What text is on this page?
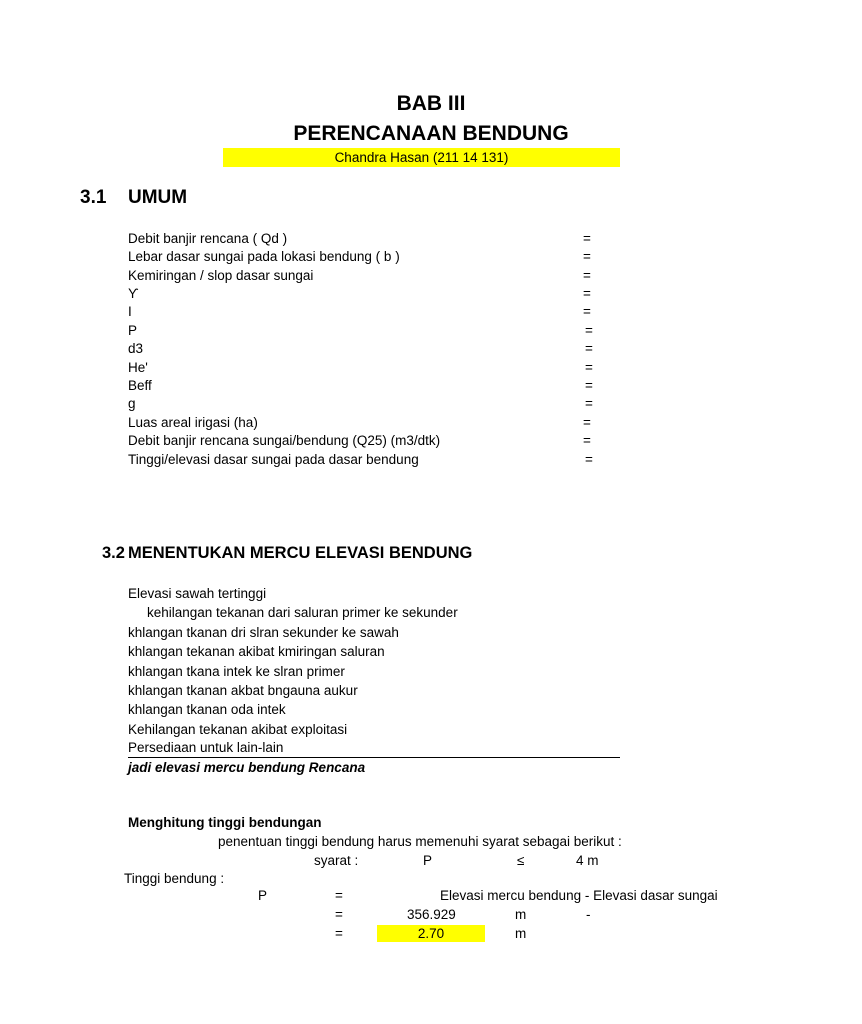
BAB III
PERENCANAAN BENDUNG
Chandra Hasan (211 14 131)
3.1 UMUM
Debit banjir rencana ( Qd )	=
Lebar dasar sungai pada lokasi bendung ( b )	=
Kemiringan / slop dasar sungai	=
ϒ	=
I	=
P	=
d3	=
He'	=
Beff	=
g	=
Luas areal irigasi (ha)	=
Debit banjir rencana sungai/bendung (Q25) (m3/dtk)	=
Tinggi/elevasi dasar sungai pada dasar bendung	=
3.2 MENENTUKAN MERCU ELEVASI BENDUNG
Elevasi sawah tertinggi
kehilangan tekanan dari saluran primer ke sekunder
khlangan tkanan dri slran sekunder ke sawah
khlangan tekanan akibat kmiringan saluran
khlangan tkana intek ke slran primer
khlangan tkanan akbat bngauna aukur
khlangan tkanan oda intek
Kehilangan tekanan akibat exploitasi
Persediaan untuk lain-lain
jadi elevasi mercu bendung Rencana
Menghitung tinggi bendungan
penentuan tinggi bendung harus memenuhi syarat sebagai berikut :
syarat :	P	≤	4 m
Tinggi bendung :
P	=	Elevasi mercu bendung - Elevasi dasar sungai
=	356.929	m	-
=	2.70	m
